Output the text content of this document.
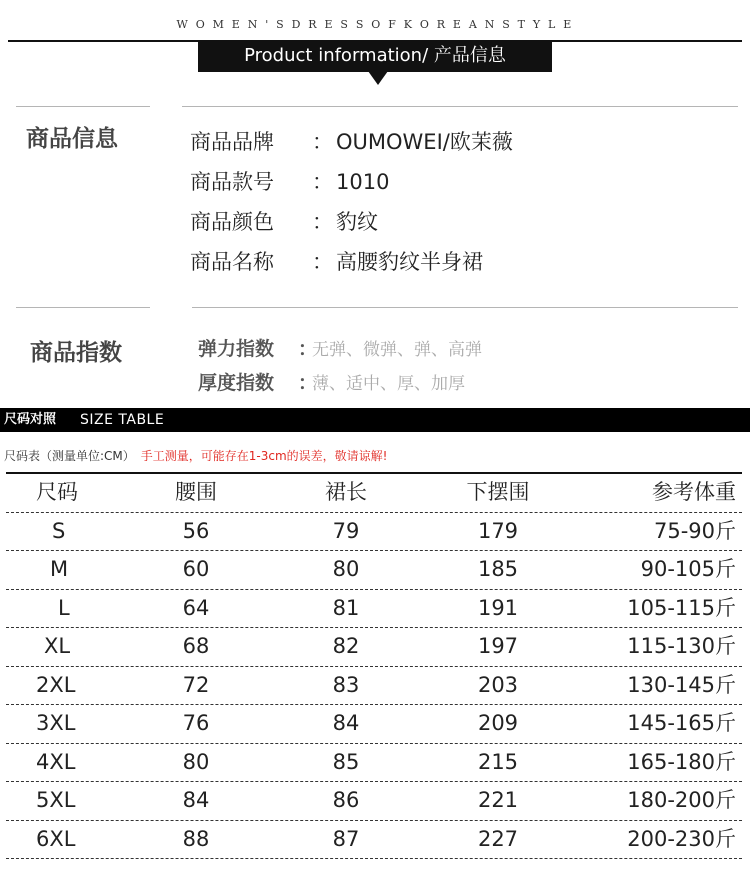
W O M E N ' S D R E S S O F K O R E A N S T Y L E
Product information/ 产品信息
商品信息	商品品牌 ： OUMOWEI/欧茉薇
商品款号 ： 1010
商品颜色 ： 豹纹
商品名称 ： 高腰豹纹半身裙
商品指数	弹力指数 ：无弹、微弹、弹、高弹
厚度指数 ：薄、适中、厚、加厚
尺码对照 SIZE TABLE
尺码表（测量单位:CM） 手工测量，可能存在1-3cm的误差，敬请谅解!
尺码	腰围	裙长	下摆围	参考体重
S	56	79	179	75-90斤
M	60	80	185	90-105斤
L	64	81	191	105-115斤
XL	68	82	197	115-130斤
2XL	72	83	203	130-145斤
3XL	76	84	209	145-165斤
4XL	80	85	215	165-180斤
5XL	84	86	221	180-200斤
6XL	88	87	227	200-230斤
